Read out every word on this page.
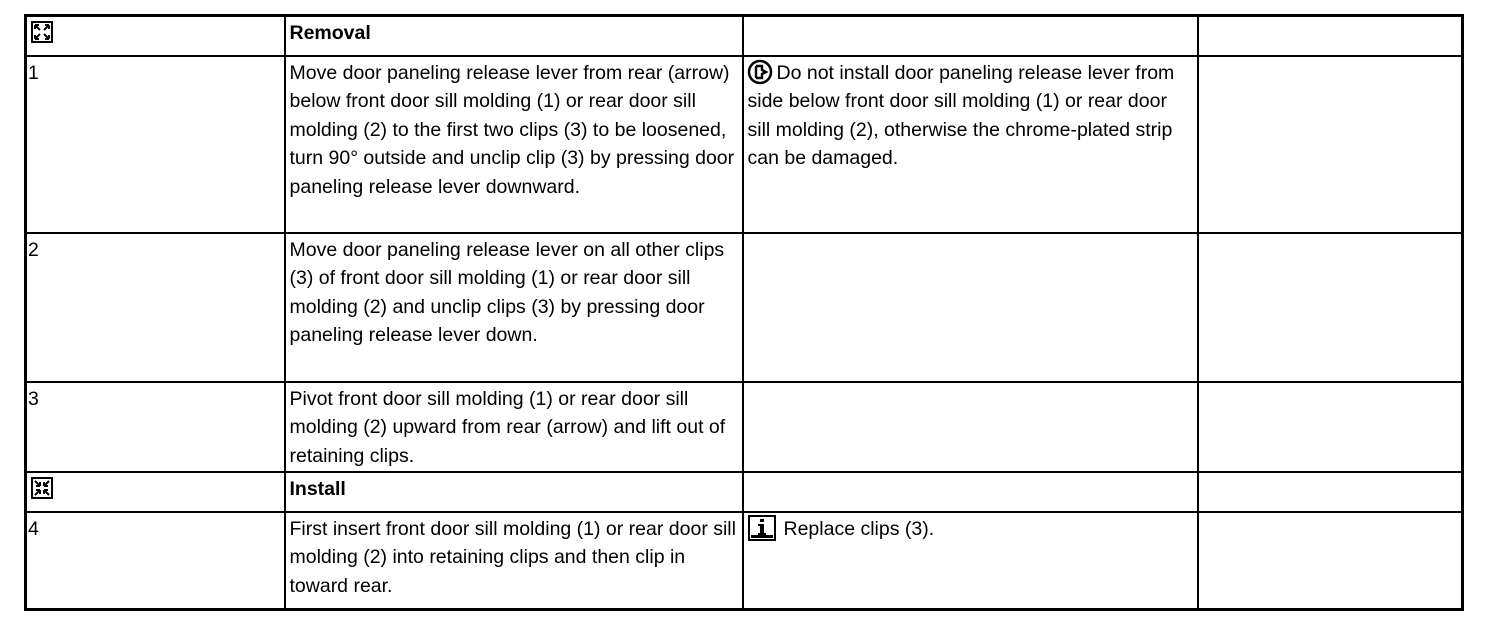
	Removal		
1	Move door paneling release lever from rear (arrow) below front door sill molding (1) or rear door sill molding (2) to the first two clips (3) to be loosened, turn 90° outside and unclip clip (3) by pressing door paneling release lever downward.	Do not install door paneling release lever from side below front door sill molding (1) or rear door sill molding (2), otherwise the chrome-plated strip can be damaged.	
2	Move door paneling release lever on all other clips (3) of front door sill molding (1) or rear door sill molding (2) and unclip clips (3) by pressing door paneling release lever down.		
3	Pivot front door sill molding (1) or rear door sill molding (2) upward from rear (arrow) and lift out of retaining clips.		
	Install		
4	First insert front door sill molding (1) or rear door sill molding (2) into retaining clips and then clip in toward rear.	Replace clips (3).	
